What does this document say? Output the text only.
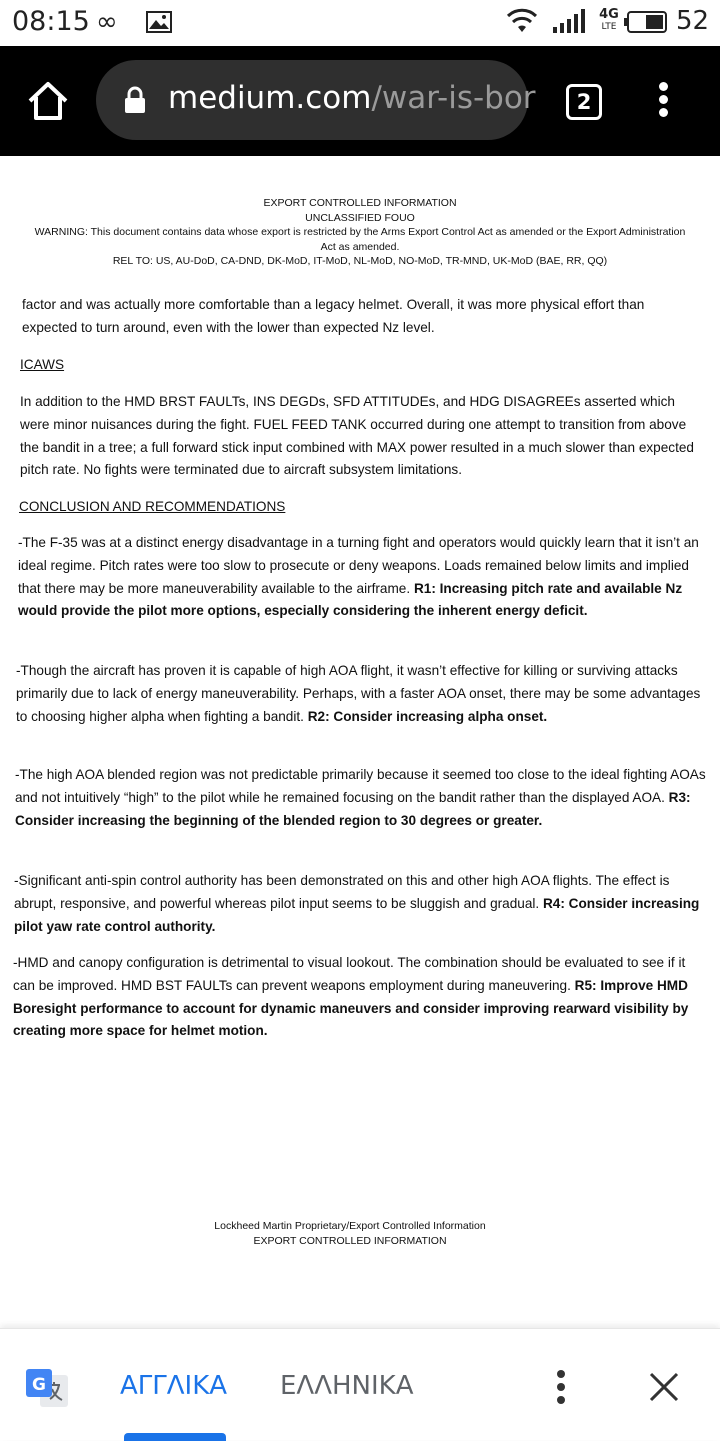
08:15 ∞	4G
LTE 52
medium.com/war-is-bor	2
EXPORT CONTROLLED INFORMATION
UNCLASSIFIED FOUO
WARNING: This document contains data whose export is restricted by the Arms Export Control Act as amended or the Export Administration
Act as amended.
REL TO: US, AU-DoD, CA-DND, DK-MoD, IT-MoD, NL-MoD, NO-MoD, TR-MND, UK-MoD (BAE, RR, QQ)

factor and was actually more comfortable than a legacy helmet. Overall, it was more physical effort than expected to turn around, even with the lower than expected Nz level.

ICAWS

In addition to the HMD BRST FAULTs, INS DEGDs, SFD ATTITUDEs, and HDG DISAGREEs asserted which were minor nuisances during the fight. FUEL FEED TANK occurred during one attempt to transition from above the bandit in a tree; a full forward stick input combined with MAX power resulted in a much slower than expected pitch rate. No fights were terminated due to aircraft subsystem limitations.

CONCLUSION AND RECOMMENDATIONS

-The F-35 was at a distinct energy disadvantage in a turning fight and operators would quickly learn that it isn’t an ideal regime. Pitch rates were too slow to prosecute or deny weapons. Loads remained below limits and implied that there may be more maneuverability available to the airframe. R1: Increasing pitch rate and available Nz would provide the pilot more options, especially considering the inherent energy deficit.

-Though the aircraft has proven it is capable of high AOA flight, it wasn’t effective for killing or surviving attacks primarily due to lack of energy maneuverability. Perhaps, with a faster AOA onset, there may be some advantages to choosing higher alpha when fighting a bandit. R2: Consider increasing alpha onset.

-The high AOA blended region was not predictable primarily because it seemed too close to the ideal fighting AOAs and not intuitively “high” to the pilot while he remained focusing on the bandit rather than the displayed AOA. R3: Consider increasing the beginning of the blended region to 30 degrees or greater.

-Significant anti-spin control authority has been demonstrated on this and other high AOA flights. The effect is abrupt, responsive, and powerful whereas pilot input seems to be sluggish and gradual. R4: Consider increasing pilot yaw rate control authority.

-HMD and canopy configuration is detrimental to visual lookout. The combination should be evaluated to see if it can be improved. HMD BST FAULTs can prevent weapons employment during maneuvering. R5: Improve HMD Boresight performance to account for dynamic maneuvers and consider improving rearward visibility by creating more space for helmet motion.

Lockheed Martin Proprietary/Export Controlled Information
EXPORT CONTROLLED INFORMATION
G	ΑΓΓΛΙΚΑ ΕΛΛΗΝΙΚΑ
